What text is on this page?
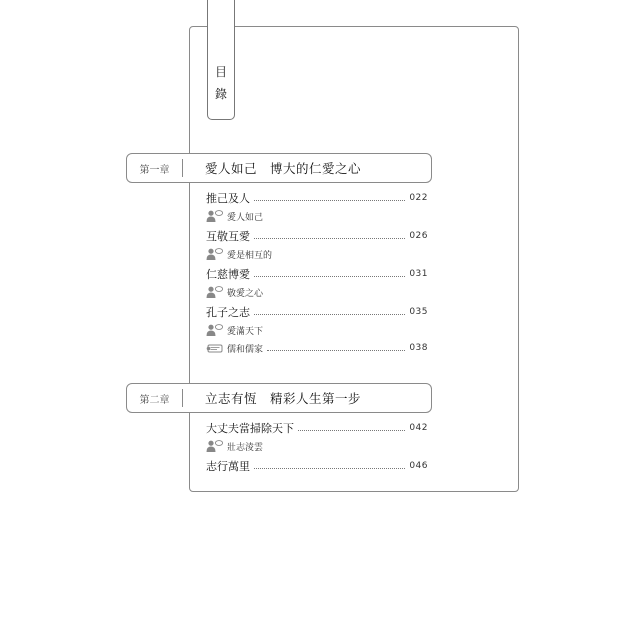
目
錄
第一章	愛人如己　博大的仁愛之心
推己及人	022
愛人如己
互敬互愛	026
愛是相互的
仁慈博愛	031
敬愛之心
孔子之志	035
愛滿天下
儒和儒家	038
第二章	立志有恆　精彩人生第一步
大丈夫當掃除天下	042
壯志淩雲
志行萬里	046
